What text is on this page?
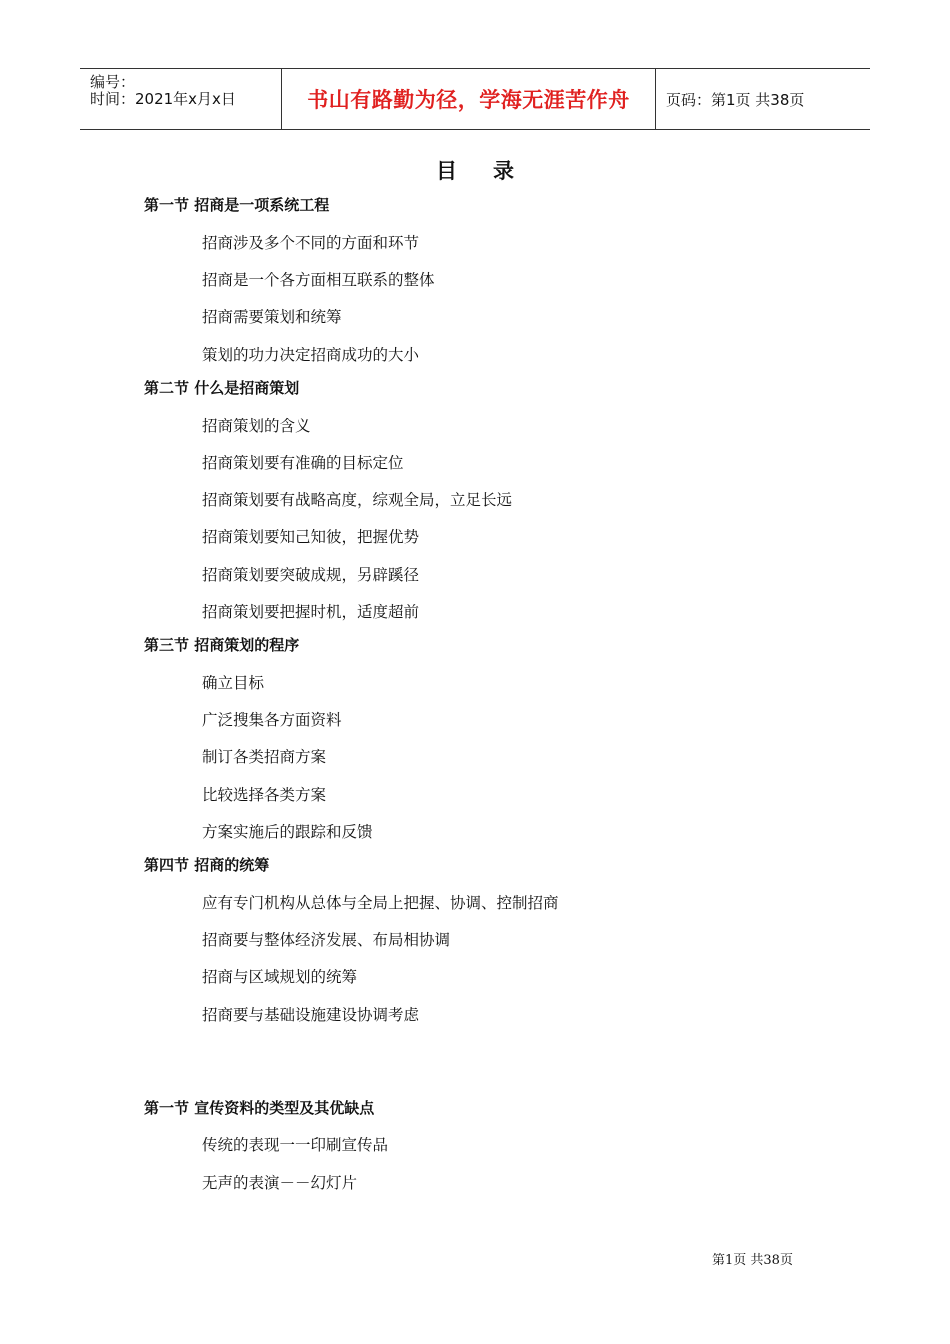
编号：
时间：2021年x月x日	书山有路勤为径，学海无涯苦作舟	页码：第1页 共38页
目录
第一节 招商是一项系统工程
招商涉及多个不同的方面和环节
招商是一个各方面相互联系的整体
招商需要策划和统筹
策划的功力决定招商成功的大小
第二节 什么是招商策划
招商策划的含义
招商策划要有准确的目标定位
招商策划要有战略高度，综观全局，立足长远
招商策划要知己知彼，把握优势
招商策划要突破成规，另辟蹊径
招商策划要把握时机，适度超前
第三节 招商策划的程序
确立目标
广泛搜集各方面资料
制订各类招商方案
比较选择各类方案
方案实施后的跟踪和反馈
第四节 招商的统筹
应有专门机构从总体与全局上把握、协调、控制招商
招商要与整体经济发展、布局相协调
招商与区域规划的统筹
招商要与基础设施建设协调考虑
第一节 宣传资料的类型及其优缺点
传统的表现一一印刷宣传品
无声的表演－－幻灯片
第1页 共38页
